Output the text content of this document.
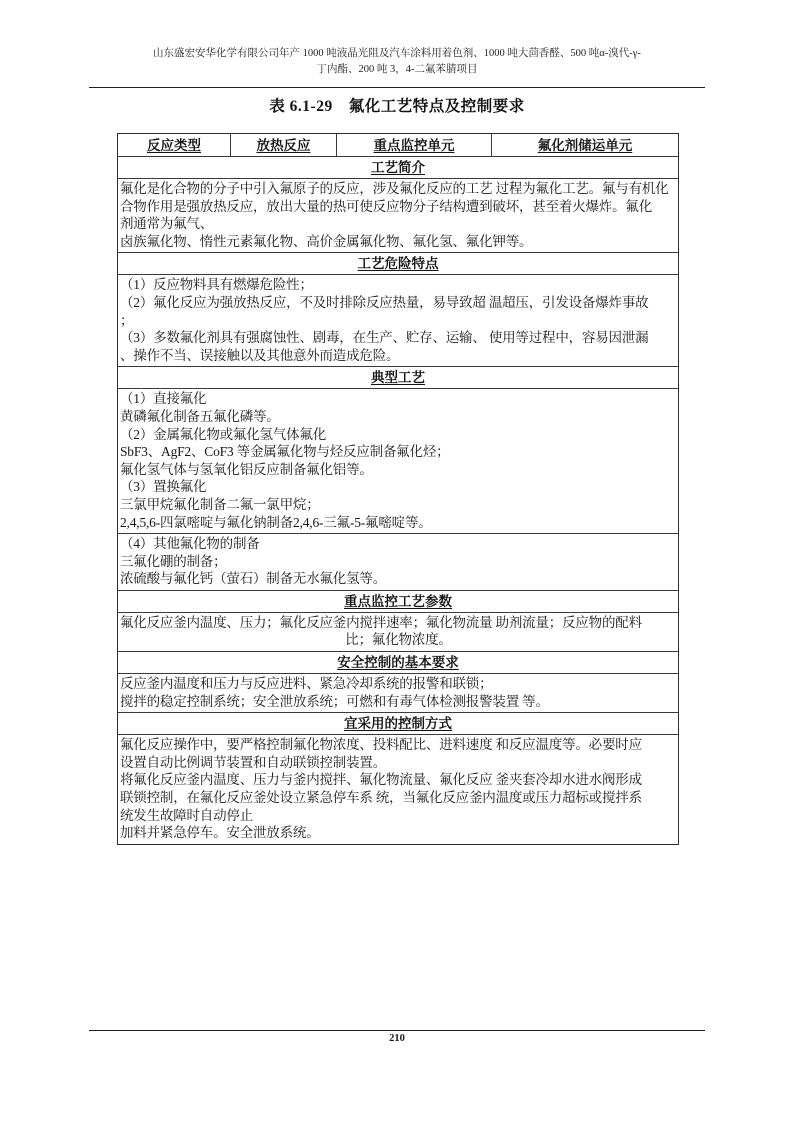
山东盛宏安华化学有限公司年产 1000 吨液晶光阻及汽车涂料用着色剂、1000 吨大茴香醛、500 吨α-溴代-γ-
丁内酯、200 吨 3，4-二氟苯腈项目
表 6.1-29　氟化工艺特点及控制要求
反应类型	放热反应	重点监控单元	氟化剂储运单元
工艺简介
氟化是化合物的分子中引入氟原子的反应，涉及氟化反应的工艺 过程为氟化工艺。氟与有机化
合物作用是强放热反应，放出大量的热可使反应物分子结构遭到破坏，甚至着火爆炸。氟化
剂通常为氟气、
卤族氟化物、惰性元素氟化物、高价金属氟化物、氟化氢、氟化钾等。
工艺危险特点
（1）反应物料具有燃爆危险性；
（2）氟化反应为强放热反应，不及时排除反应热量，易导致超 温超压，引发设备爆炸事故
；
（3）多数氟化剂具有强腐蚀性、剧毒，在生产、贮存、运输、 使用等过程中，容易因泄漏
、操作不当、误接触以及其他意外而造成危险。
典型工艺
（1）直接氟化
黄磷氟化制备五氟化磷等。
（2）金属氟化物或氟化氢气体氟化
SbF3、AgF2、CoF3 等金属氟化物与烃反应制备氟化烃；
氟化氢气体与氢氧化铝反应制备氟化铝等。
（3）置换氟化
三氯甲烷氟化制备二氟一氯甲烷；
2,4,5,6-四氯嘧啶与氟化钠制备2,4,6-三氟-5-氟嘧啶等。
（4）其他氟化物的制备
三氟化硼的制备；
浓硫酸与氟化钙（萤石）制备无水氟化氢等。
重点监控工艺参数
氟化反应釜内温度、压力；氟化反应釜内搅拌速率；氟化物流量 助剂流量；反应物的配料
比；氟化物浓度。
安全控制的基本要求
反应釜内温度和压力与反应进料、紧急冷却系统的报警和联锁；
搅拌的稳定控制系统；安全泄放系统；可燃和有毒气体检测报警装置 等。
宜采用的控制方式
氟化反应操作中，要严格控制氟化物浓度、投料配比、进料速度 和反应温度等。必要时应
设置自动比例调节装置和自动联锁控制装置。
将氟化反应釜内温度、压力与釜内搅拌、氟化物流量、氟化反应 釜夹套冷却水进水阀形成
联锁控制，在氟化反应釜处设立紧急停车系 统，当氟化反应釜内温度或压力超标或搅拌系
统发生故障时自动停止
加料并紧急停车。安全泄放系统。
210
